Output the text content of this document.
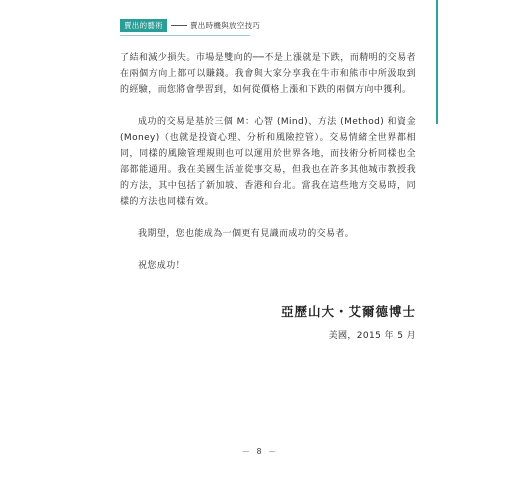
賣出的藝術	賣出時機與放空技巧

了結和減少損失。市場是雙向的──不是上漲就是下跌，而精明的交易者在兩個方向上都可以賺錢。我會與大家分享我在牛市和熊市中所汲取到的經驗，而您將會學習到，如何從價格上漲和下跌的兩個方向中獲利。

成功的交易是基於三個 M：心智 (Mind)、方法 (Method) 和資金 (Money)（也就是投資心理、分析和風險控管）。交易情緒全世界都相同，同樣的風險管理規則也可以運用於世界各地，而技術分析同樣也全部都能通用。我在美國生活並從事交易，但我也在許多其他城市教授我的方法，其中包括了新加坡、香港和台北。當我在這些地方交易時，同樣的方法也同樣有效。

我期望，您也能成為一個更有見識而成功的交易者。

祝您成功！

亞歷山大・艾爾德博士
美國，2015 年 5 月
－ 8 －
